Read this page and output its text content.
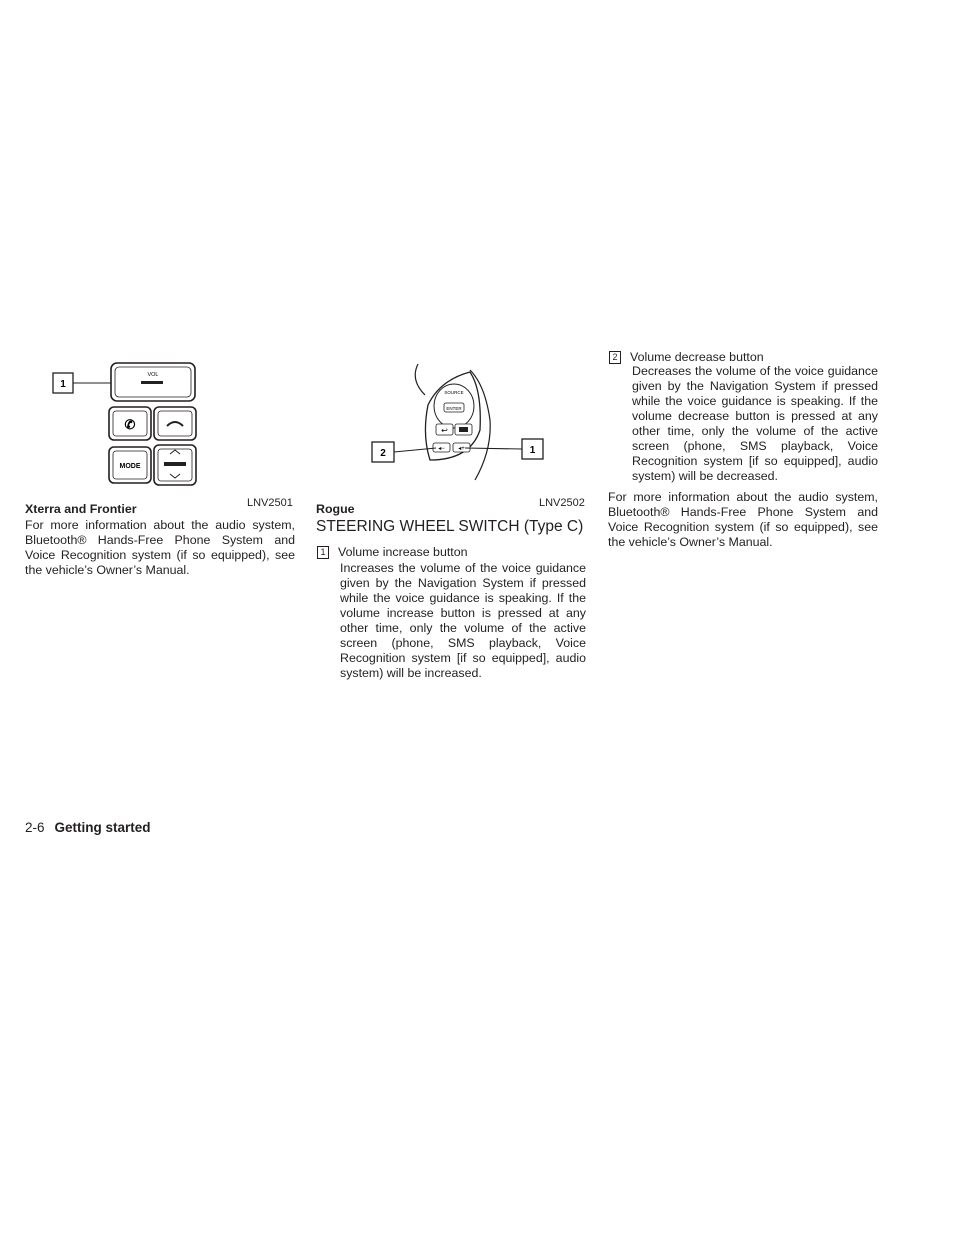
1
VOL
✆
MODE
SOURCE
ENTER
↩
◂− ◂+
2	1
Xterra and Frontier	LNV2501

For more information about the audio system, Bluetooth® Hands-Free Phone System and Voice Recognition system (if so equipped), see the vehicle’s Owner’s Manual.

Rogue	LNV2502
STEERING WHEEL SWITCH (Type C)
1 Volume increase button

Increases the volume of the voice guidance given by the Navigation System if pressed while the voice guidance is speaking. If the volume increase button is pressed at any other time, only the volume of the active screen (phone, SMS playback, Voice Recognition system [if so equipped], audio system) will be increased.

2 Volume decrease button

Decreases the volume of the voice guidance given by the Navigation System if pressed while the voice guidance is speaking. If the volume decrease button is pressed at any other time, only the volume of the active screen (phone, SMS playback, Voice Recognition system [if so equipped], audio system) will be decreased.

For more information about the audio system, Bluetooth® Hands-Free Phone System and Voice Recognition system (if so equipped), see the vehicle’s Owner’s Manual.

2-6 Getting started
